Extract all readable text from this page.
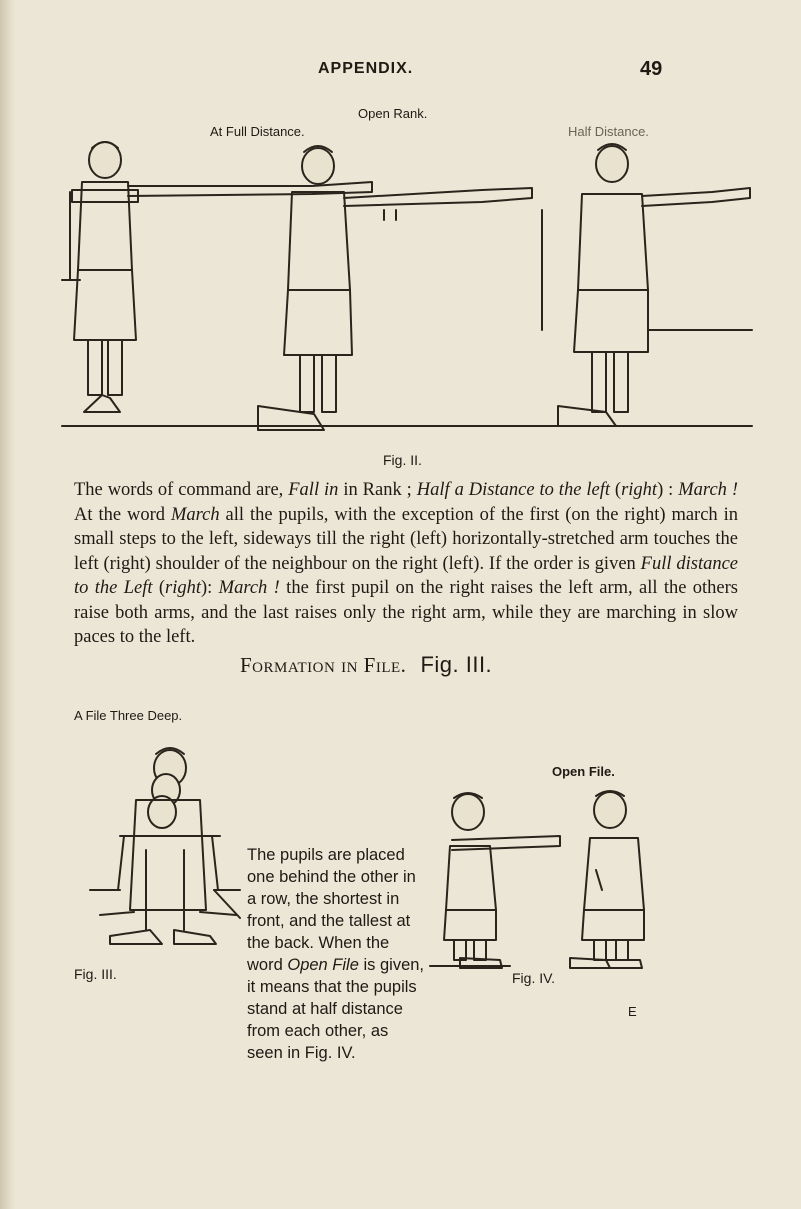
APPENDIX.	49
Open Rank.
At Full Distance.	Half Distance.
Fig. II.

The words of command are, Fall in in Rank ; Half a Distance to the left (right) : March ! At the word March all the pupils, with the exception of the first (on the right) march in small steps to the left, sideways till the right (left) horizontally-stretched arm touches the left (right) shoulder of the neighbour on the right (left). If the order is given Full distance to the Left (right): March ! the first pupil on the right raises the left arm, all the others raise both arms, and the last raises only the right arm, while they are marching in slow paces to the left.

Formation in File. Fig. III.
A File Three Deep.
Open File.
Fig. III.

The pupils are placed one behind the other in a row, the shortest in front, and the tallest at the back. When the word Open File is given, it means that the pupils stand at half distance from each other, as seen in Fig. IV.

Fig. IV.
E
